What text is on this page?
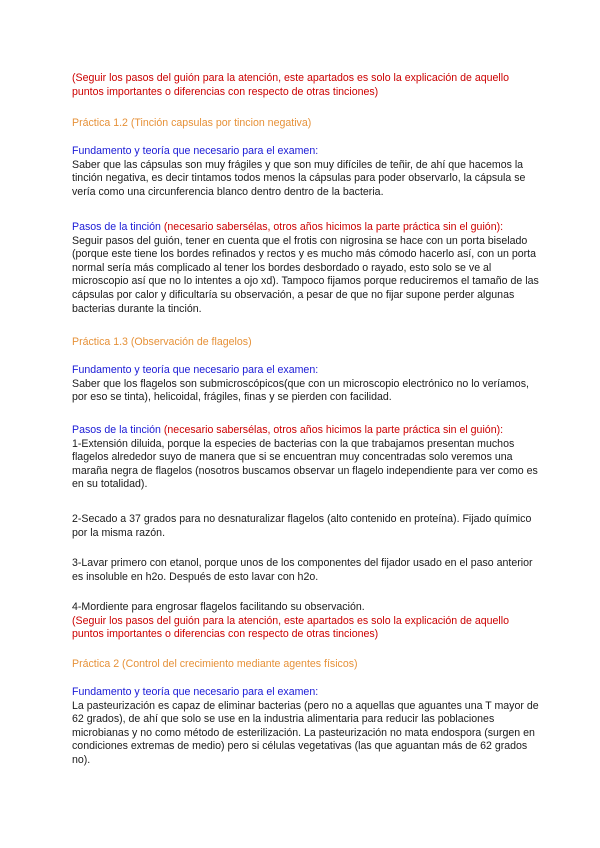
(Seguir los pasos del guión para la atención, este apartados es solo la explicación de aquello puntos importantes o diferencias con respecto de otras tinciones)
Práctica 1.2 (Tinción capsulas por tincion negativa)

Fundamento y teoría que necesario para el examen:

Saber que las cápsulas son muy frágiles y que son muy difíciles de teñir, de ahí que hacemos la tinción negativa, es decir tintamos todos menos la cápsulas para poder observarlo, la cápsula se vería como una circunferencia blanco dentro dentro de la bacteria.

Pasos de la tinción (necesario sabersélas, otros años hicimos la parte práctica sin el guión):

Seguir pasos del guión, tener en cuenta que el frotis con nigrosina se hace con un porta biselado (porque este tiene los bordes refinados y rectos y es mucho más cómodo hacerlo así, con un porta normal sería más complicado al tener los bordes desbordado o rayado, esto solo se ve al microscopio así que no lo intentes a ojo xd). Tampoco fijamos porque reduciremos el tamaño de las cápsulas por calor y dificultaría su observación, a pesar de que no fijar supone perder algunas bacterias durante la tinción.

Práctica 1.3 (Observación de flagelos)

Fundamento y teoría que necesario para el examen:

Saber que los flagelos son submicroscópicos(que con un microscopio electrónico no lo veríamos, por eso se tinta), helicoidal, frágiles, finas y se pierden con facilidad.

Pasos de la tinción (necesario sabersélas, otros años hicimos la parte práctica sin el guión):

1-Extensión diluida, porque la especies de bacterias con la que trabajamos presentan muchos flagelos alrededor suyo de manera que si se encuentran muy concentradas solo veremos una maraña negra de flagelos (nosotros buscamos observar un flagelo independiente para ver como es en su totalidad).

2-Secado a 37 grados para no desnaturalizar flagelos (alto contenido en proteína). Fijado químico por la misma razón.
3-Lavar primero con etanol, porque unos de los componentes del fijador usado en el paso anterior es insoluble en h2o. Después de esto lavar con h2o.

4-Mordiente para engrosar flagelos facilitando su observación.

(Seguir los pasos del guión para la atención, este apartados es solo la explicación de aquello puntos importantes o diferencias con respecto de otras tinciones)

Práctica 2 (Control del crecimiento mediante agentes físicos)

Fundamento y teoría que necesario para el examen:

La pasteurización es capaz de eliminar bacterias (pero no a aquellas que aguantes una T mayor de 62 grados), de ahí que solo se use en la industria alimentaria para reducir las poblaciones microbianas y no como método de esterilización. La pasteurización no mata endospora (surgen en condiciones extremas de medio) pero si células vegetativas (las que aguantan más de 62 grados no).
